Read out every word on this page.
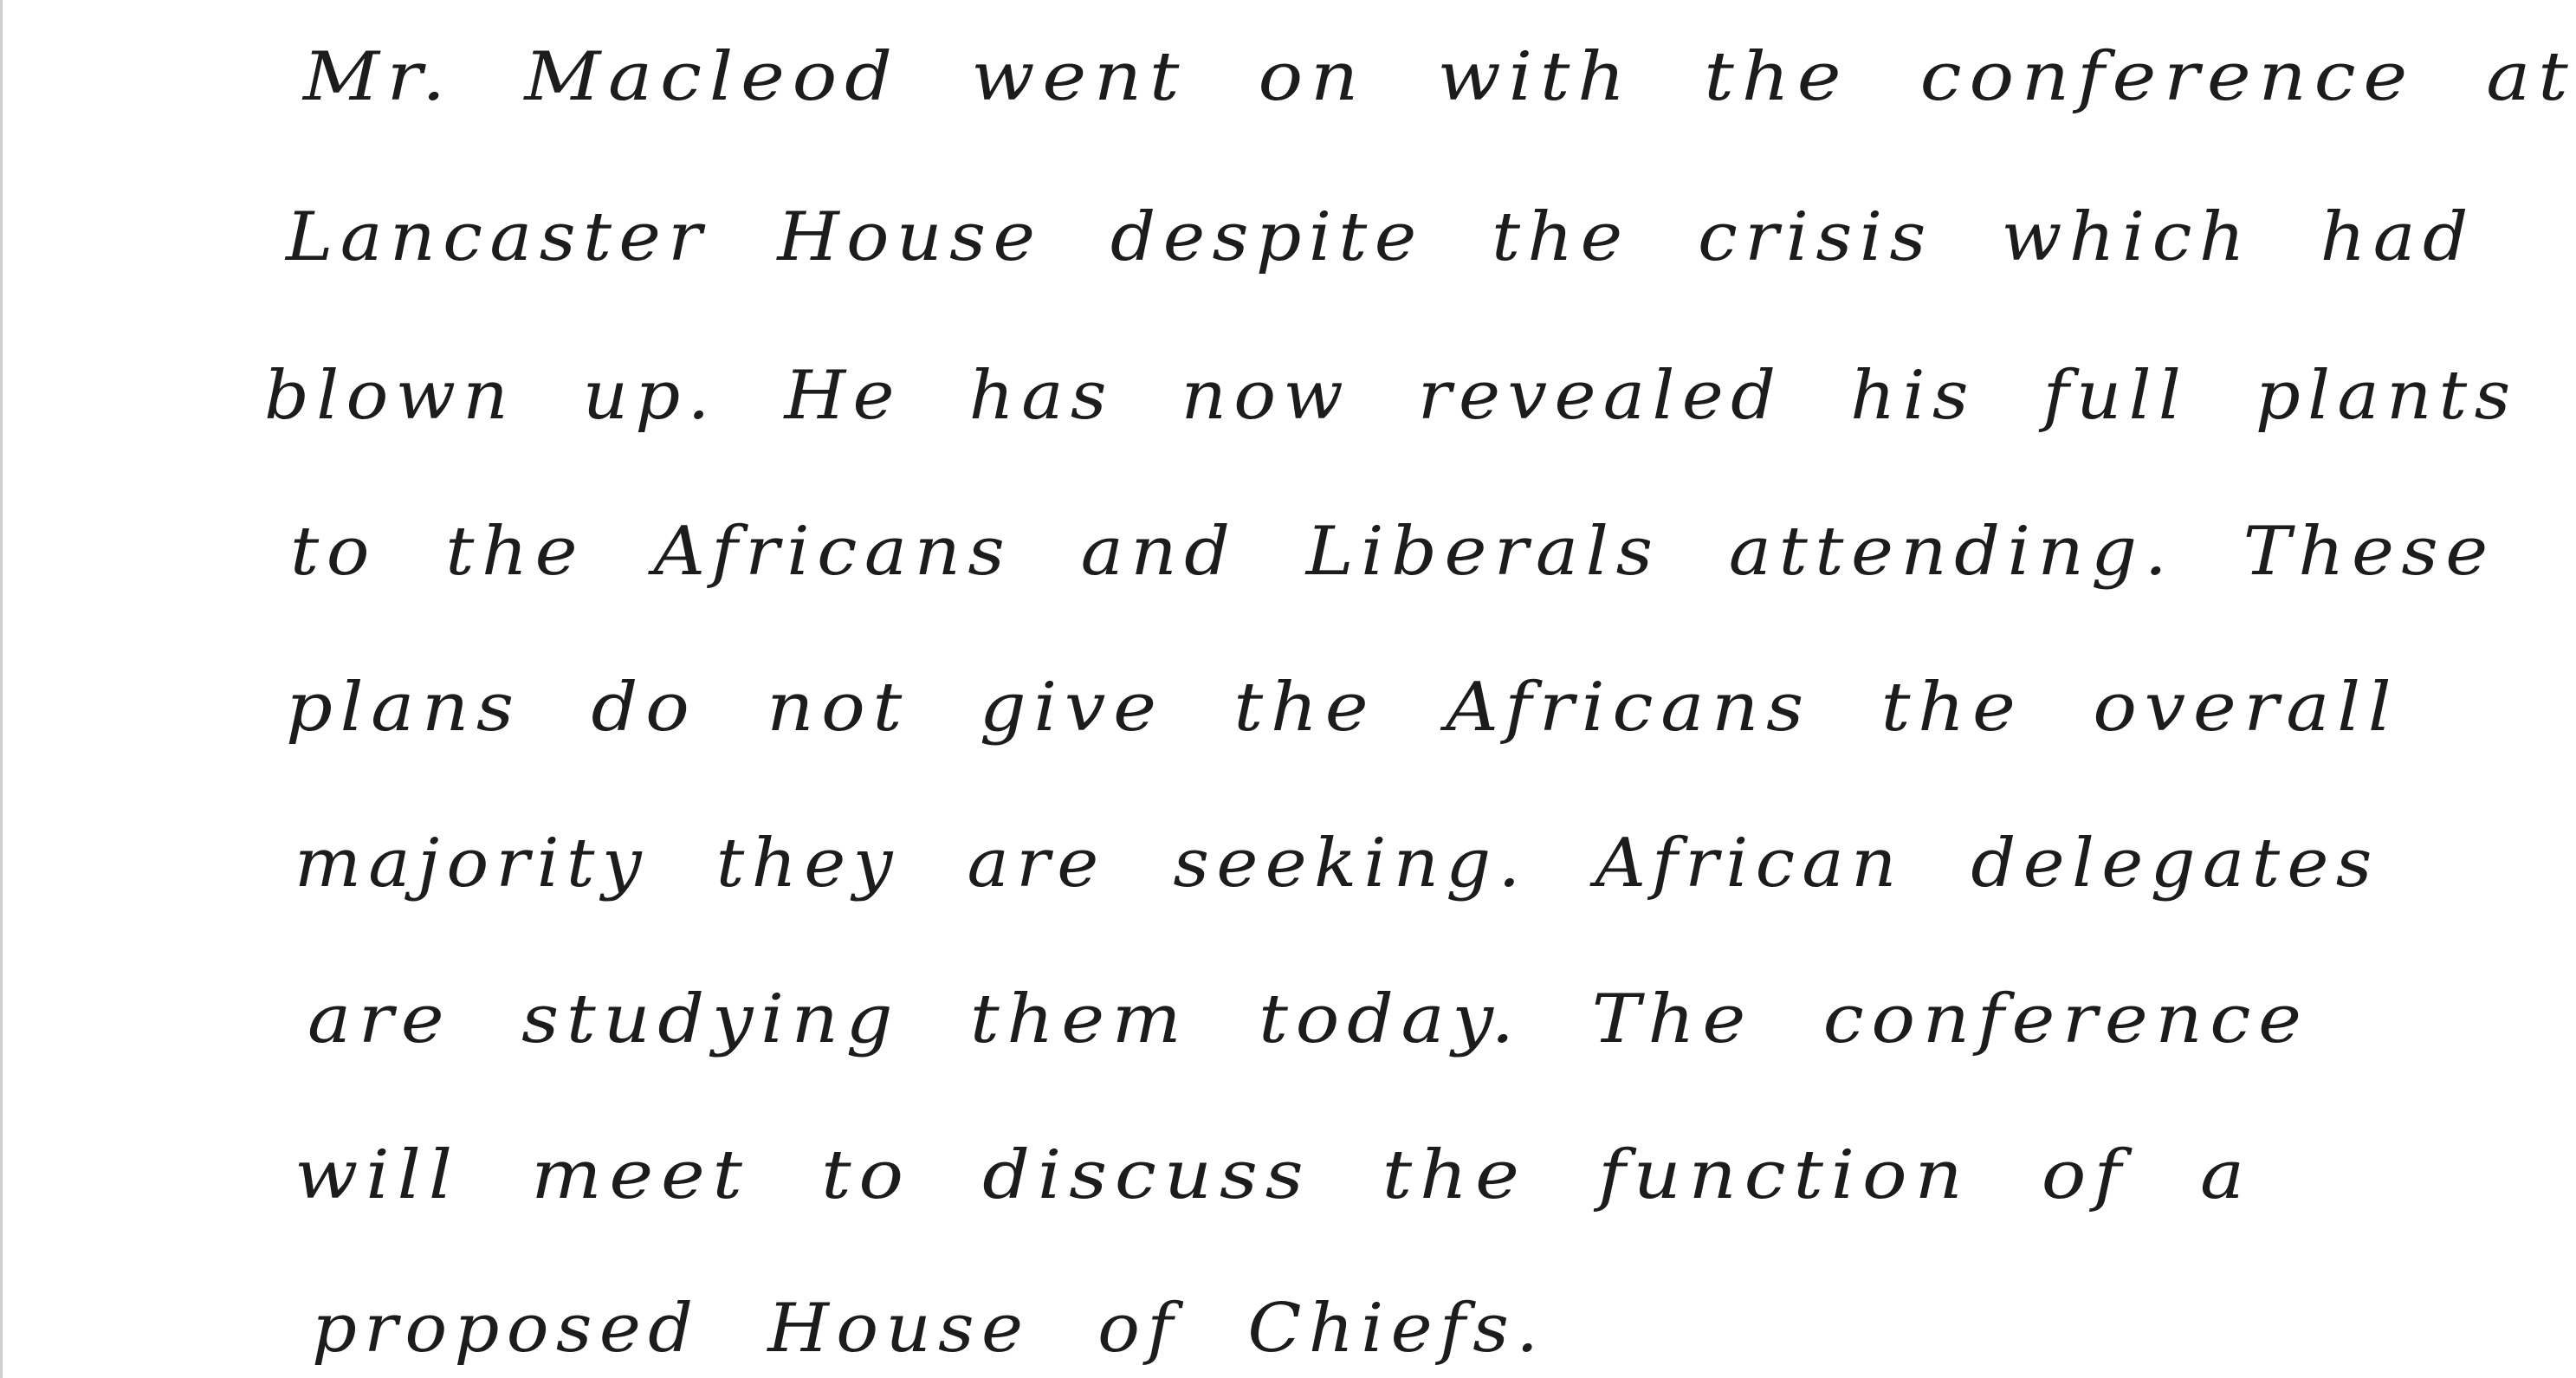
Mr. Macleod went on with the conference at
Lancaster House despite the crisis which had
blown up. He has now revealed his full plants
to the Africans and Liberals attending. These
plans do not give the Africans the overall
majority they are seeking. African delegates
are studying them today. The conference
will meet to discuss the function of a
proposed House of Chiefs.
